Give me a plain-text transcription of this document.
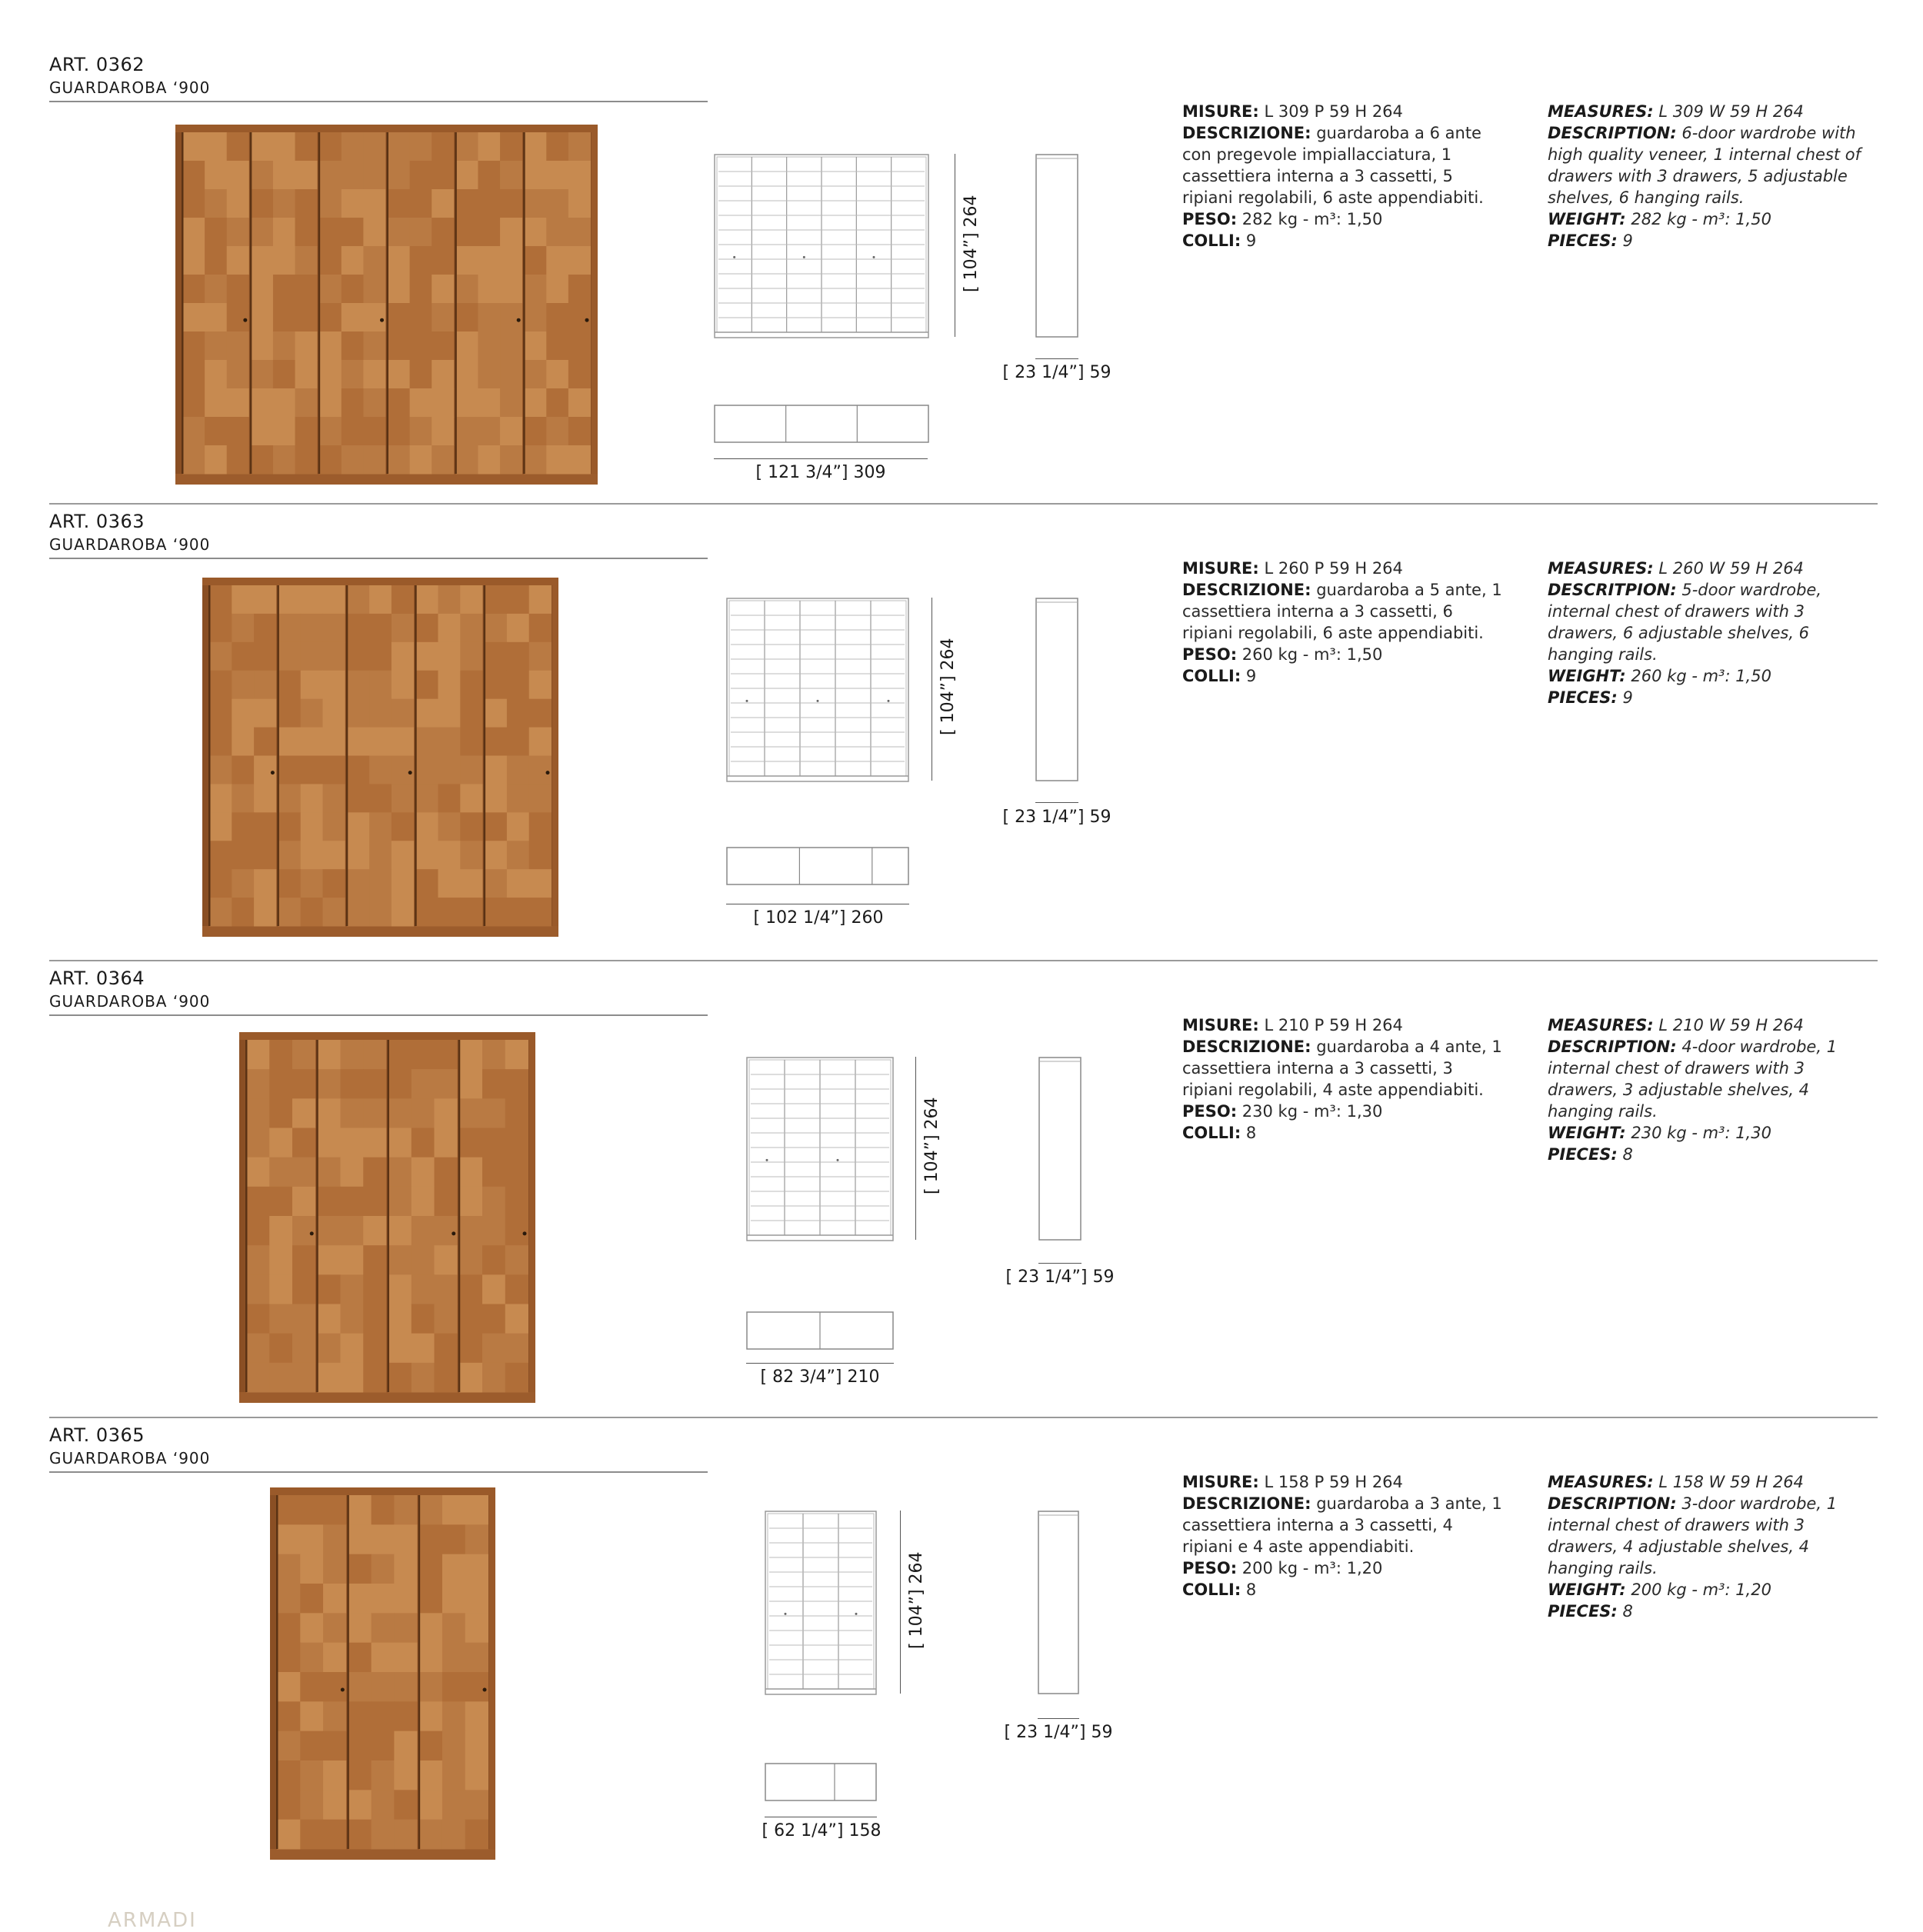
ART. 0362
GUARDAROBA ‘900
[ 104”] 264
[ 23 1/4”] 59
[ 121 3/4”] 309

MISURE: L 309 P 59 H 264

DESCRIZIONE: guardaroba a 6 ante con pregevole impiallacciatura, 1 cassettiera interna a 3 cassetti, 5 ripiani regolabili, 6 aste appendiabiti.

PESO: 282 kg - m³: 1,50

COLLI: 9

MEASURES: L 309 W 59 H 264

DESCRIPTION: 6-door wardrobe with high quality veneer, 1 internal chest of drawers with 3 drawers, 5 adjustable shelves, 6 hanging rails.

WEIGHT: 282 kg - m³: 1,50

PIECES: 9

ART. 0363
GUARDAROBA ‘900
[ 104”] 264
[ 23 1/4”] 59
[ 102 1/4”] 260

MISURE: L 260 P 59 H 264

DESCRIZIONE: guardaroba a 5 ante, 1 cassettiera interna a 3 cassetti, 6 ripiani regolabili, 6 aste appendiabiti.

PESO: 260 kg - m³: 1,50

COLLI: 9

MEASURES: L 260 W 59 H 264

DESCRITPION: 5-door wardrobe, internal chest of drawers with 3 drawers, 6 adjustable shelves, 6 hanging rails.

WEIGHT: 260 kg - m³: 1,50

PIECES: 9

ART. 0364
GUARDAROBA ‘900
[ 104”] 264
[ 23 1/4”] 59
[ 82 3/4”] 210

MISURE: L 210 P 59 H 264

DESCRIZIONE: guardaroba a 4 ante, 1 cassettiera interna a 3 cassetti, 3 ripiani regolabili, 4 aste appendiabiti.

PESO: 230 kg - m³: 1,30

COLLI: 8

MEASURES: L 210 W 59 H 264

DESCRIPTION: 4-door wardrobe, 1 internal chest of drawers with 3 drawers, 3 adjustable shelves, 4 hanging rails.

WEIGHT: 230 kg - m³: 1,30

PIECES: 8

ART. 0365
GUARDAROBA ‘900
[ 104”] 264
[ 23 1/4”] 59
[ 62 1/4”] 158

MISURE: L 158 P 59 H 264

DESCRIZIONE: guardaroba a 3 ante, 1 cassettiera interna a 3 cassetti, 4 ripiani e 4 aste appendiabiti.

PESO: 200 kg - m³: 1,20

COLLI: 8

MEASURES: L 158 W 59 H 264

DESCRIPTION: 3-door wardrobe, 1 internal chest of drawers with 3 drawers, 4 adjustable shelves, 4 hanging rails.

WEIGHT: 200 kg - m³: 1,20

PIECES: 8

ARMADI
